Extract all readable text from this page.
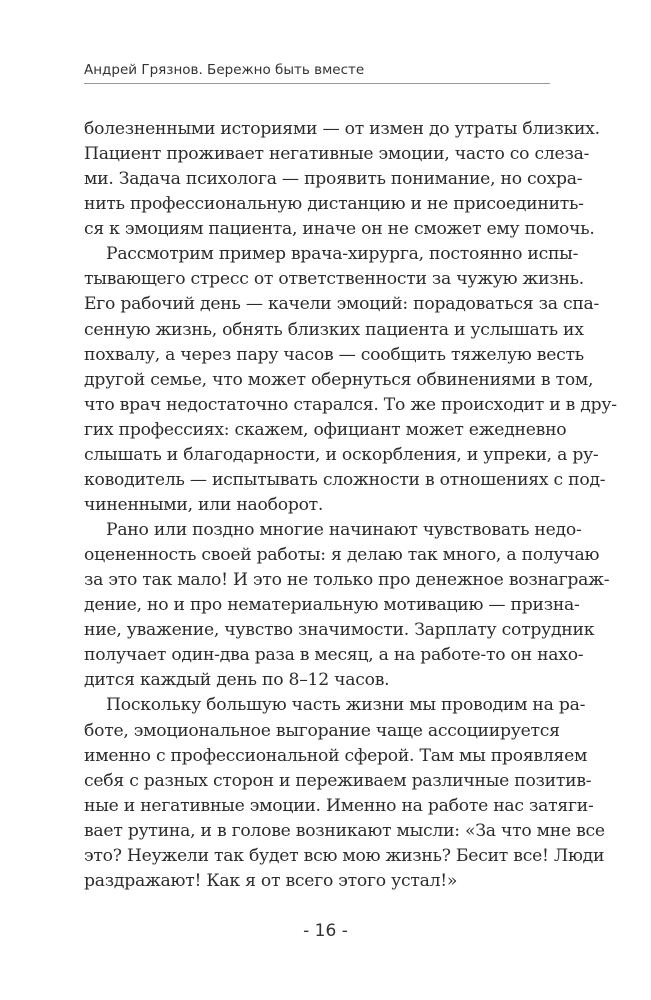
Андрей Грязнов. Бережно быть вместе
болезненными историями — от измен до утраты близких.
Пациент проживает негативные эмоции, часто со слеза-
ми. Задача психолога — проявить понимание, но сохра-
нить профессиональную дистанцию и не присоединить-
ся к эмоциям пациента, иначе он не сможет ему помочь.
Рассмотрим пример врача-хирурга, постоянно испы-
тывающего стресс от ответственности за чужую жизнь.
Его рабочий день — качели эмоций: порадоваться за спа-
сенную жизнь, обнять близких пациента и услышать их
похвалу, а через пару часов — сообщить тяжелую весть
другой семье, что может обернуться обвинениями в том,
что врач недостаточно старался. То же происходит и в дру-
гих профессиях: скажем, официант может ежедневно
слышать и благодарности, и оскорбления, и упреки, а ру-
ководитель — испытывать сложности в отношениях с под-
чиненными, или наоборот.
Рано или поздно многие начинают чувствовать недо-
оцененность своей работы: я делаю так много, а получаю
за это так мало! И это не только про денежное вознаграж-
дение, но и про нематериальную мотивацию — призна-
ние, уважение, чувство значимости. Зарплату сотрудник
получает один-два раза в месяц, а на работе-то он нахо-
дится каждый день по 8–12 часов.
Поскольку большую часть жизни мы проводим на ра-
боте, эмоциональное выгорание чаще ассоциируется
именно с профессиональной сферой. Там мы проявляем
себя с разных сторон и переживаем различные позитив-
ные и негативные эмоции. Именно на работе нас затяги-
вает рутина, и в голове возникают мысли: «За что мне все
это? Неужели так будет всю мою жизнь? Бесит все! Люди
раздражают! Как я от всего этого устал!»
- 16 -
